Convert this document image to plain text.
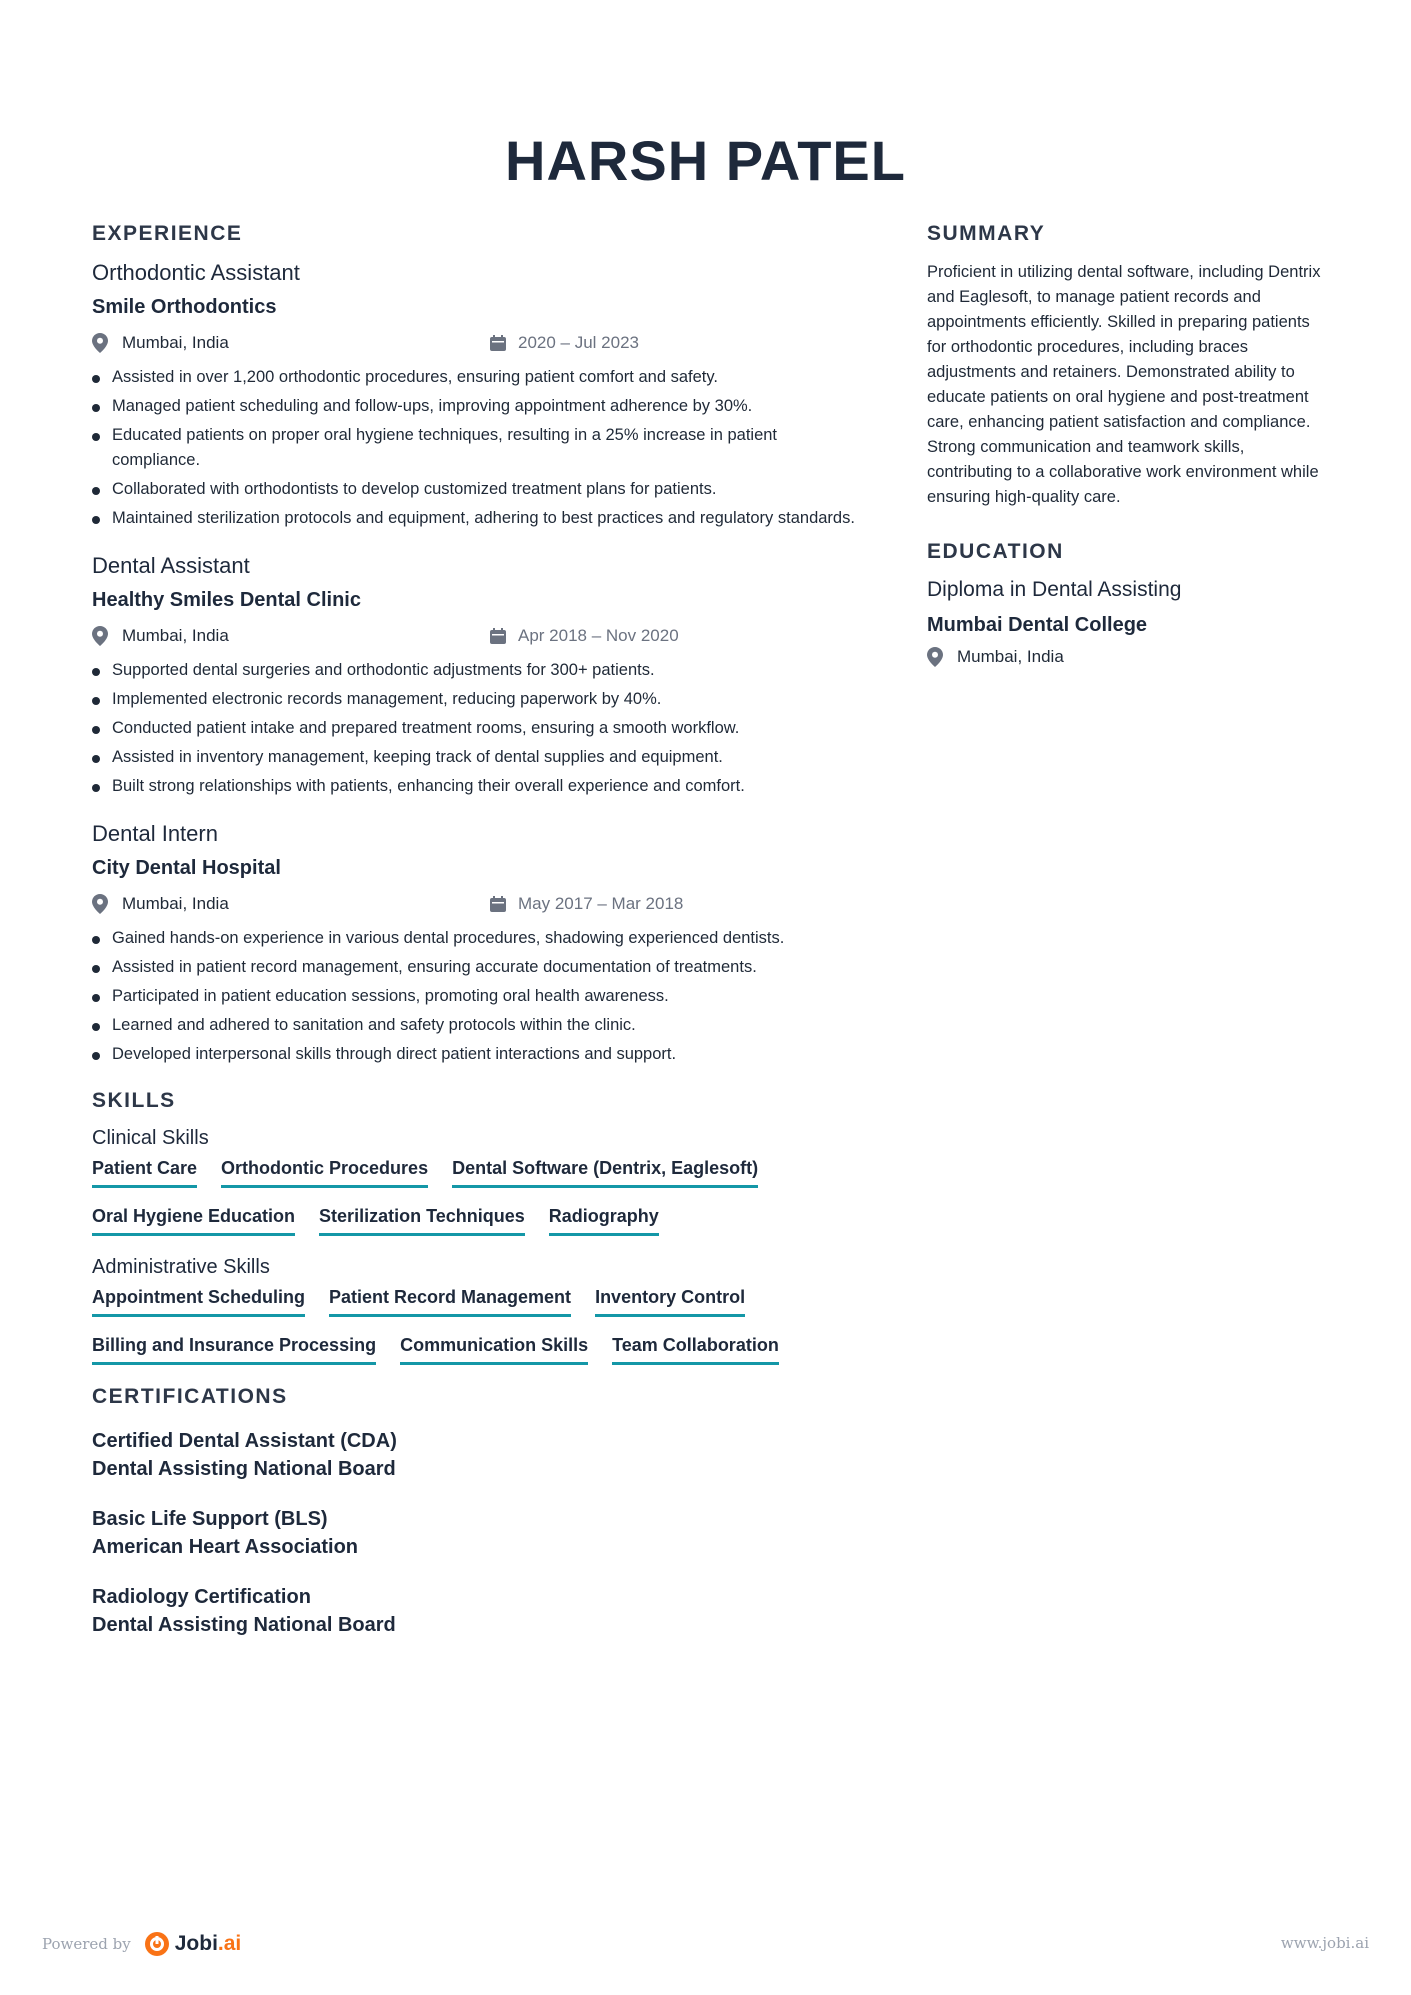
HARSH PATEL
EXPERIENCE
Orthodontic Assistant
Smile Orthodontics
Mumbai, India	2020 – Jul 2023
Assisted in over 1,200 orthodontic procedures, ensuring patient comfort and safety.
Managed patient scheduling and follow-ups, improving appointment adherence by 30%.
Educated patients on proper oral hygiene techniques, resulting in a 25% increase in patient compliance.
Collaborated with orthodontists to develop customized treatment plans for patients.
Maintained sterilization protocols and equipment, adhering to best practices and regulatory standards.
Dental Assistant
Healthy Smiles Dental Clinic
Mumbai, India	Apr 2018 – Nov 2020
Supported dental surgeries and orthodontic adjustments for 300+ patients.
Implemented electronic records management, reducing paperwork by 40%.
Conducted patient intake and prepared treatment rooms, ensuring a smooth workflow.
Assisted in inventory management, keeping track of dental supplies and equipment.
Built strong relationships with patients, enhancing their overall experience and comfort.
Dental Intern
City Dental Hospital
Mumbai, India	May 2017 – Mar 2018
Gained hands-on experience in various dental procedures, shadowing experienced dentists.
Assisted in patient record management, ensuring accurate documentation of treatments.
Participated in patient education sessions, promoting oral health awareness.
Learned and adhered to sanitation and safety protocols within the clinic.
Developed interpersonal skills through direct patient interactions and support.
SKILLS
Clinical Skills
Patient Care Orthodontic Procedures Dental Software (Dentrix, Eaglesoft)
Oral Hygiene Education Sterilization Techniques Radiography
Administrative Skills
Appointment Scheduling Patient Record Management Inventory Control
Billing and Insurance Processing Communication Skills Team Collaboration
CERTIFICATIONS
Certified Dental Assistant (CDA)
Dental Assisting National Board
Basic Life Support (BLS)
American Heart Association
Radiology Certification
Dental Assisting National Board
SUMMARY

Proficient in utilizing dental software, including Dentrix and Eaglesoft, to manage patient records and appointments efficiently. Skilled in preparing patients for orthodontic procedures, including braces adjustments and retainers. Demonstrated ability to educate patients on oral hygiene and post-treatment care, enhancing patient satisfaction and compliance. Strong communication and teamwork skills, contributing to a collaborative work environment while ensuring high-quality care.

EDUCATION
Diploma in Dental Assisting
Mumbai Dental College
Mumbai, India
Powered by Jobi.ai	www.jobi.ai
